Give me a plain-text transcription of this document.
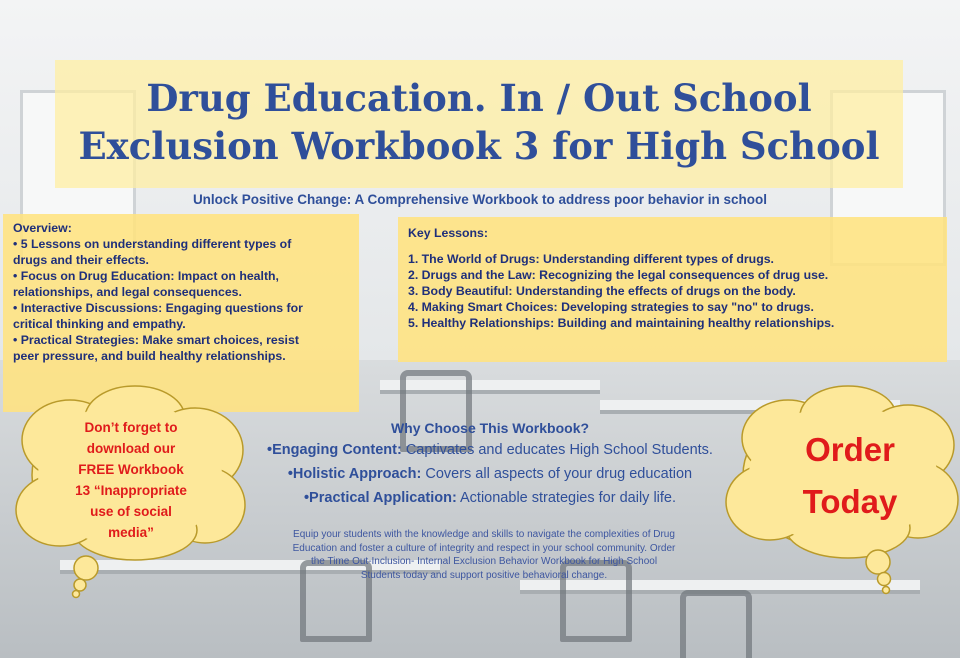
Drug Education. In / Out School
Exclusion Workbook 3 for High School
Unlock Positive Change: A Comprehensive Workbook to address poor behavior in school
Overview:
• 5 Lessons on understanding different types of
drugs and their effects.
• Focus on Drug Education: Impact on health,
relationships, and legal consequences.
• Interactive Discussions: Engaging questions for
critical thinking and empathy.
• Practical Strategies: Make smart choices, resist
peer pressure, and build healthy relationships.
Key Lessons:
1. The World of Drugs: Understanding different types of drugs.
2. Drugs and the Law: Recognizing the legal consequences of drug use.
3. Body Beautiful: Understanding the effects of drugs on the body.
4. Making Smart Choices: Developing strategies to say "no" to drugs.
5. Healthy Relationships: Building and maintaining healthy relationships.
Don’t forget to
download our
FREE Workbook
13 “Inappropriate
use of social
media”
Order
Today
Why Choose This Workbook?
•Engaging Content: Captivates and educates High School Students.
•Holistic Approach: Covers all aspects of your drug education
•Practical Application: Actionable strategies for daily life.
Equip your students with the knowledge and skills to navigate the complexities of Drug
Education and foster a culture of integrity and respect in your school community. Order
the Time Out-Inclusion- Internal Exclusion Behavior Workbook for High School
Students today and support positive behavioral change.
